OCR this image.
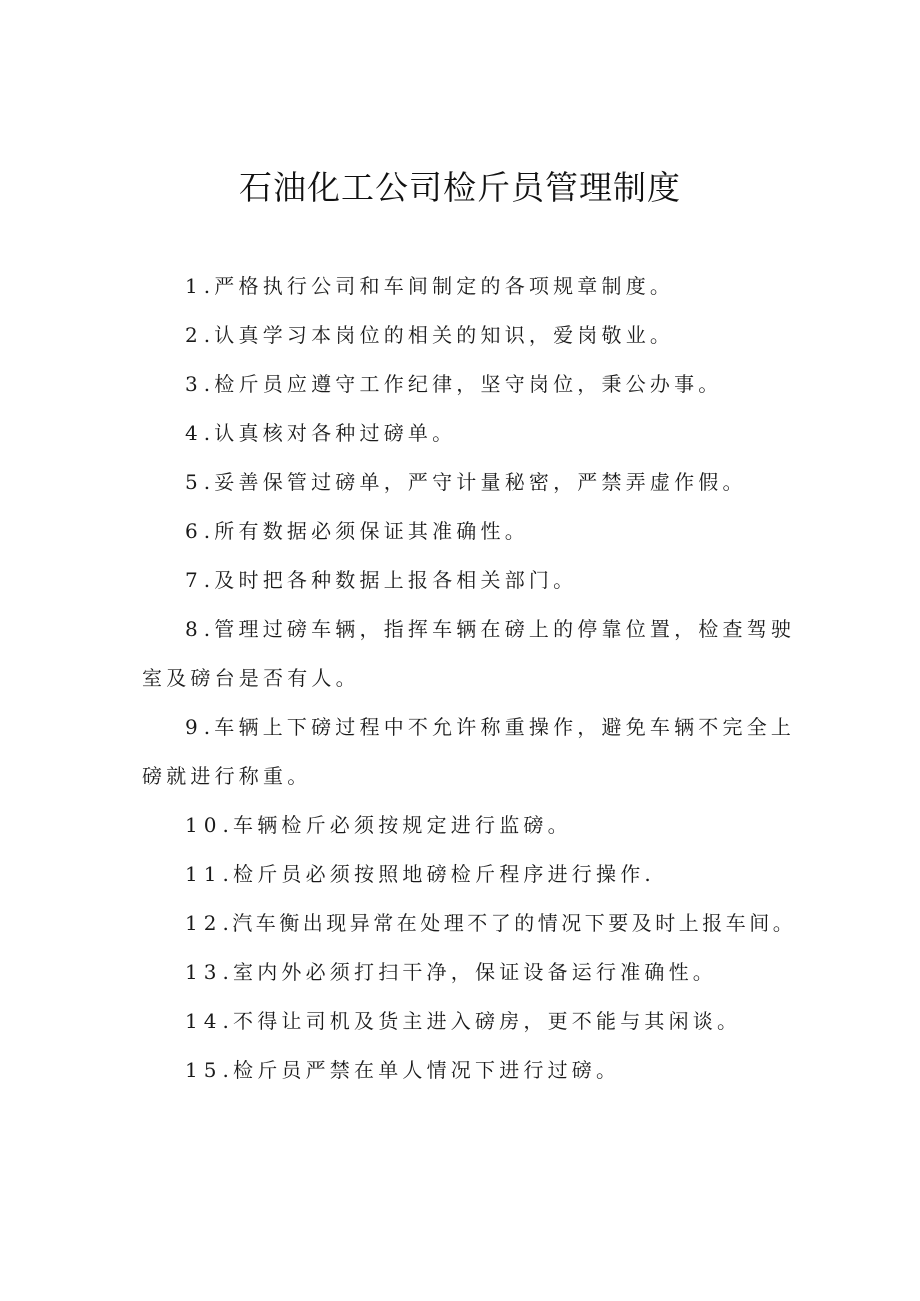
石油化工公司检斤员管理制度
1.严格执行公司和车间制定的各项规章制度。
2.认真学习本岗位的相关的知识，爱岗敬业。
3.检斤员应遵守工作纪律，坚守岗位，秉公办事。
4.认真核对各种过磅单。
5.妥善保管过磅单，严守计量秘密，严禁弄虚作假。
6.所有数据必须保证其准确性。
7.及时把各种数据上报各相关部门。
8.管理过磅车辆，指挥车辆在磅上的停靠位置，检查驾驶室及磅台是否有人。
9.车辆上下磅过程中不允许称重操作，避免车辆不完全上磅就进行称重。
10.车辆检斤必须按规定进行监磅。
11.检斤员必须按照地磅检斤程序进行操作.
12.汽车衡出现异常在处理不了的情况下要及时上报车间。
13.室内外必须打扫干净，保证设备运行准确性。
14.不得让司机及货主进入磅房，更不能与其闲谈。
15.检斤员严禁在单人情况下进行过磅。
